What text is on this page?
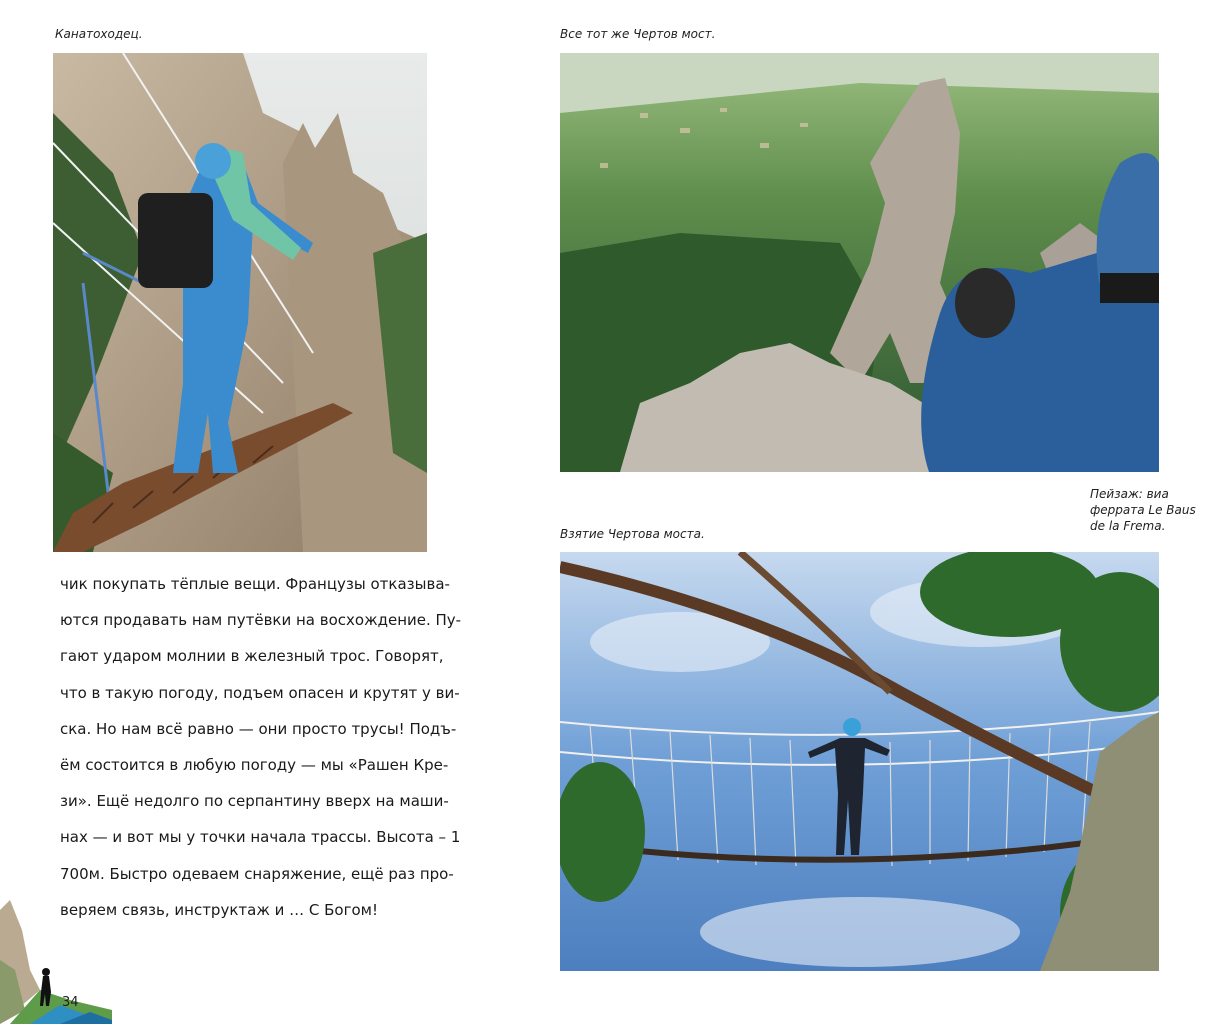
Канатоходец.
чик покупать тёплые вещи. Французы отказыва-
ются продавать нам путёвки на восхождение. Пу-
гают ударом молнии в железный трос. Говорят,
что в такую погоду, подъем опасен и крутят у ви-
ска. Но нам всё равно — они просто трусы! Подъ-
ём состоится в любую погоду — мы «Рашен Кре-
зи». Ещё недолго по серпантину вверх на маши-
нах — и вот мы у точки начала трассы. Высота – 1
700м. Быстро одеваем снаряжение, ещё раз про-
веряем связь, инструктаж и … С Богом!
34
Все тот же Чертов мост.
Пейзаж: виа
феррата Le Baus
de la Frema.
Взятие Чертова моста.
